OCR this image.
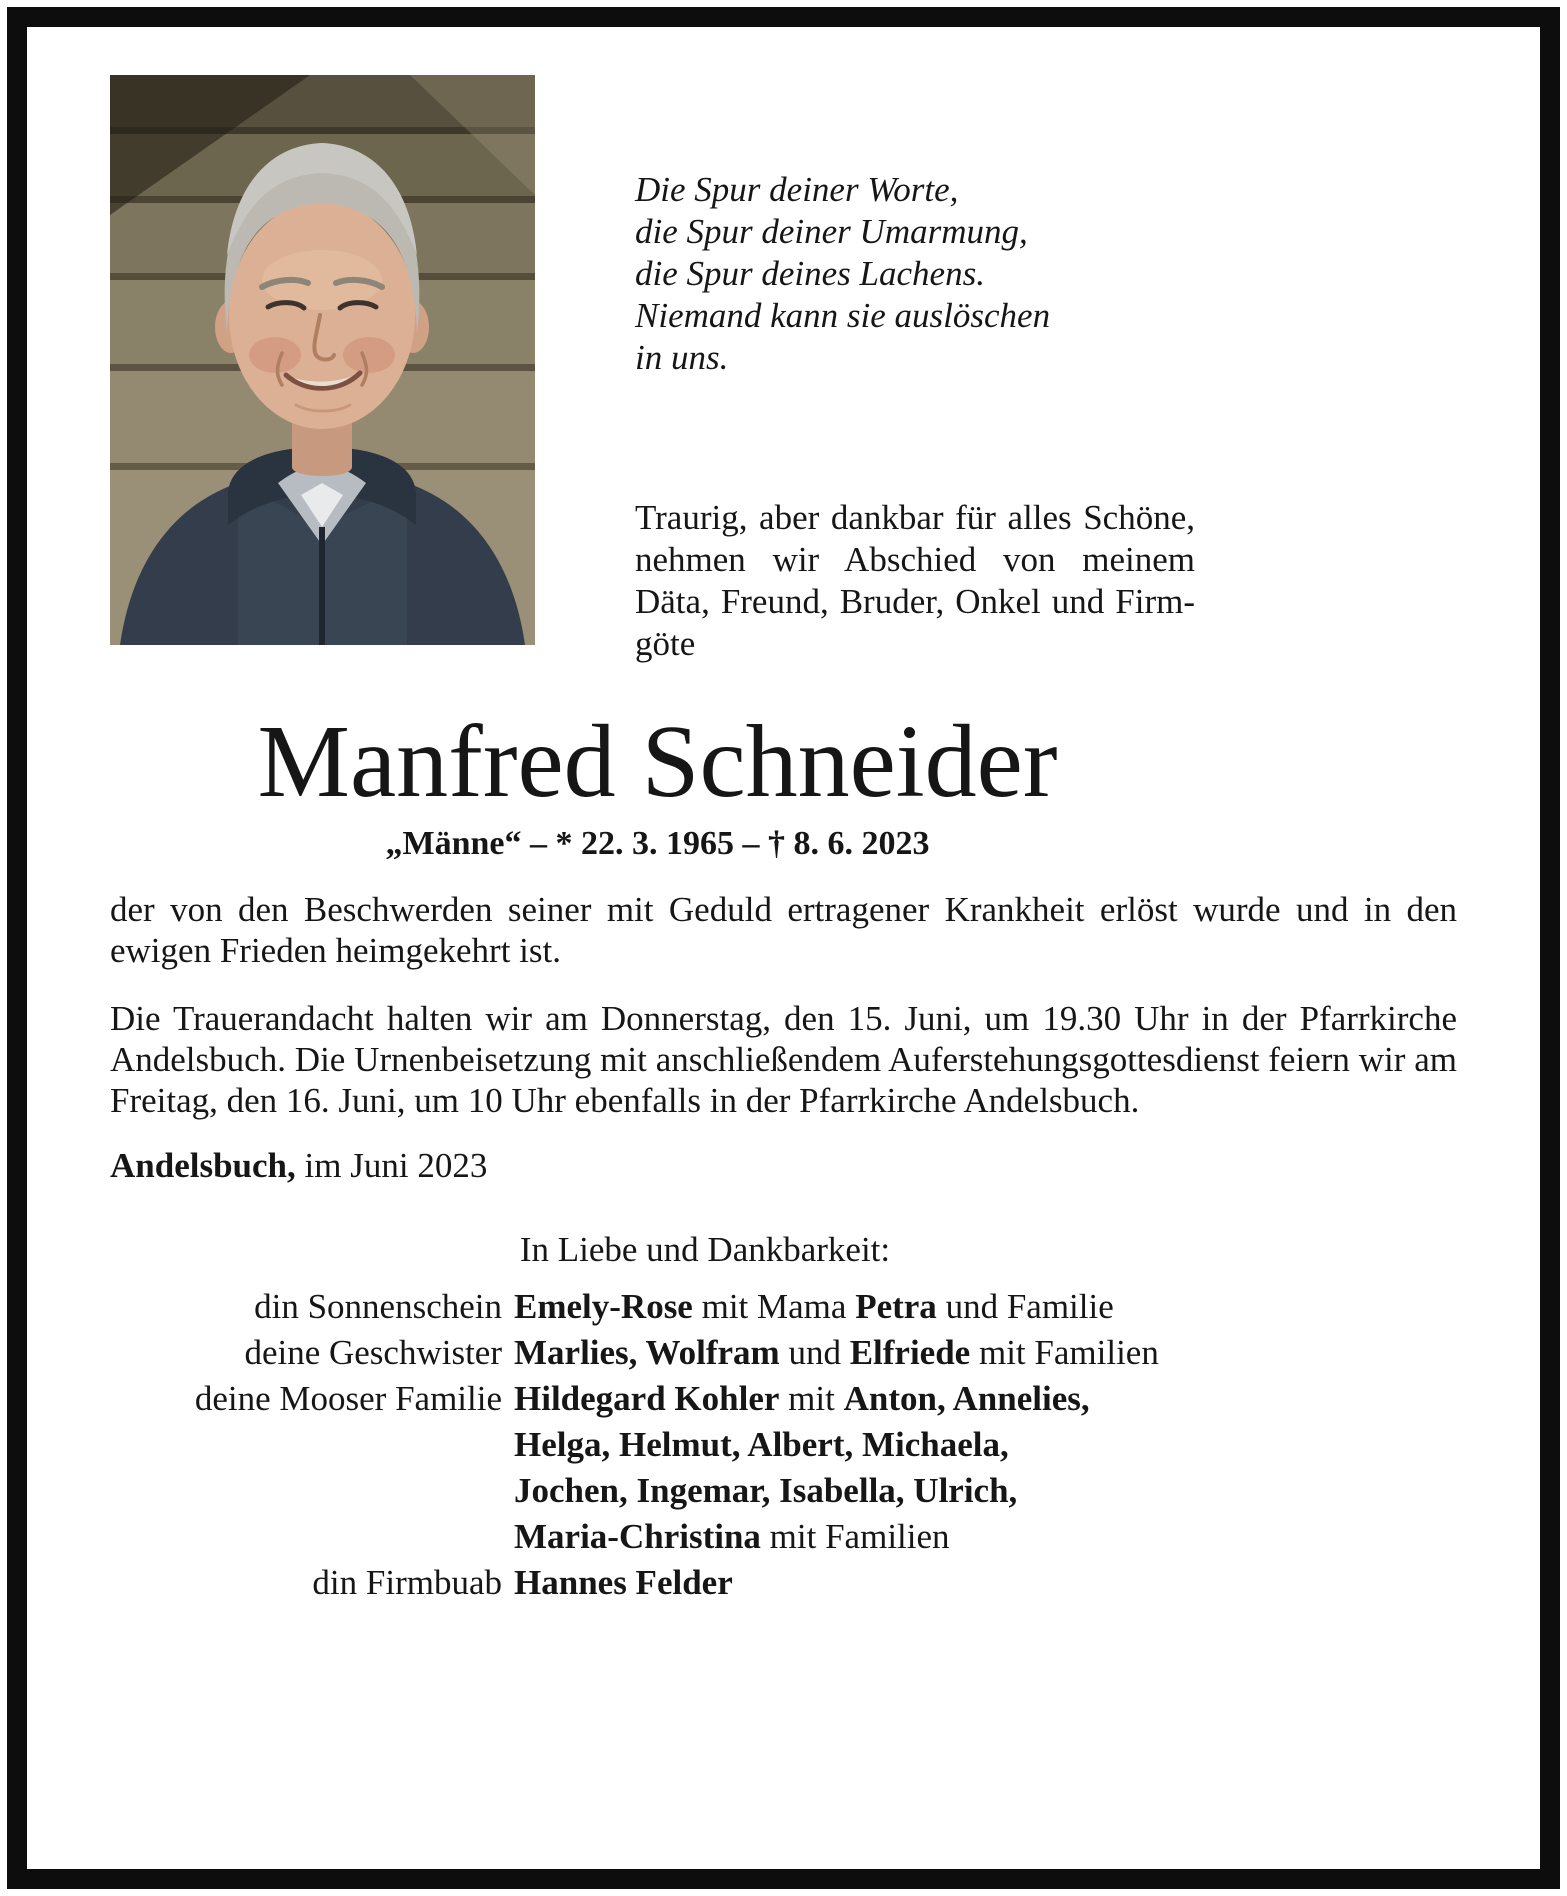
Die Spur deiner Worte,
die Spur deiner Umarmung,
die Spur deines Lachens.
Niemand kann sie auslöschen
in uns.

Traurig, aber dankbar für alles Schöne, nehmen wir Abschied von meinem Däta, Freund, Bruder, Onkel und Firmgöte

Manfred Schneider
„Männe“ – * 22. 3. 1965 – † 8. 6. 2023

der von den Beschwerden seiner mit Geduld ertragener Krankheit erlöst wurde und in den ewigen Frieden heimgekehrt ist.

Die Trauerandacht halten wir am Donnerstag, den 15. Juni, um 19.30 Uhr in der Pfarrkirche Andelsbuch. Die Urnenbeisetzung mit anschließendem Auferstehungsgottesdienst feiern wir am Freitag, den 16. Juni, um 10 Uhr ebenfalls in der Pfarrkirche Andelsbuch.

Andelsbuch, im Juni 2023

In Liebe und Dankbarkeit:
din Sonnenschein Emely-Rose mit Mama Petra und Familie
deine Geschwister Marlies, Wolfram und Elfriede mit Familien
deine Mooser Familie Hildegard Kohler mit Anton, Annelies,
Helga, Helmut, Albert, Michaela,
Jochen, Ingemar, Isabella, Ulrich,
Maria-Christina mit Familien
din Firmbuab Hannes Felder
